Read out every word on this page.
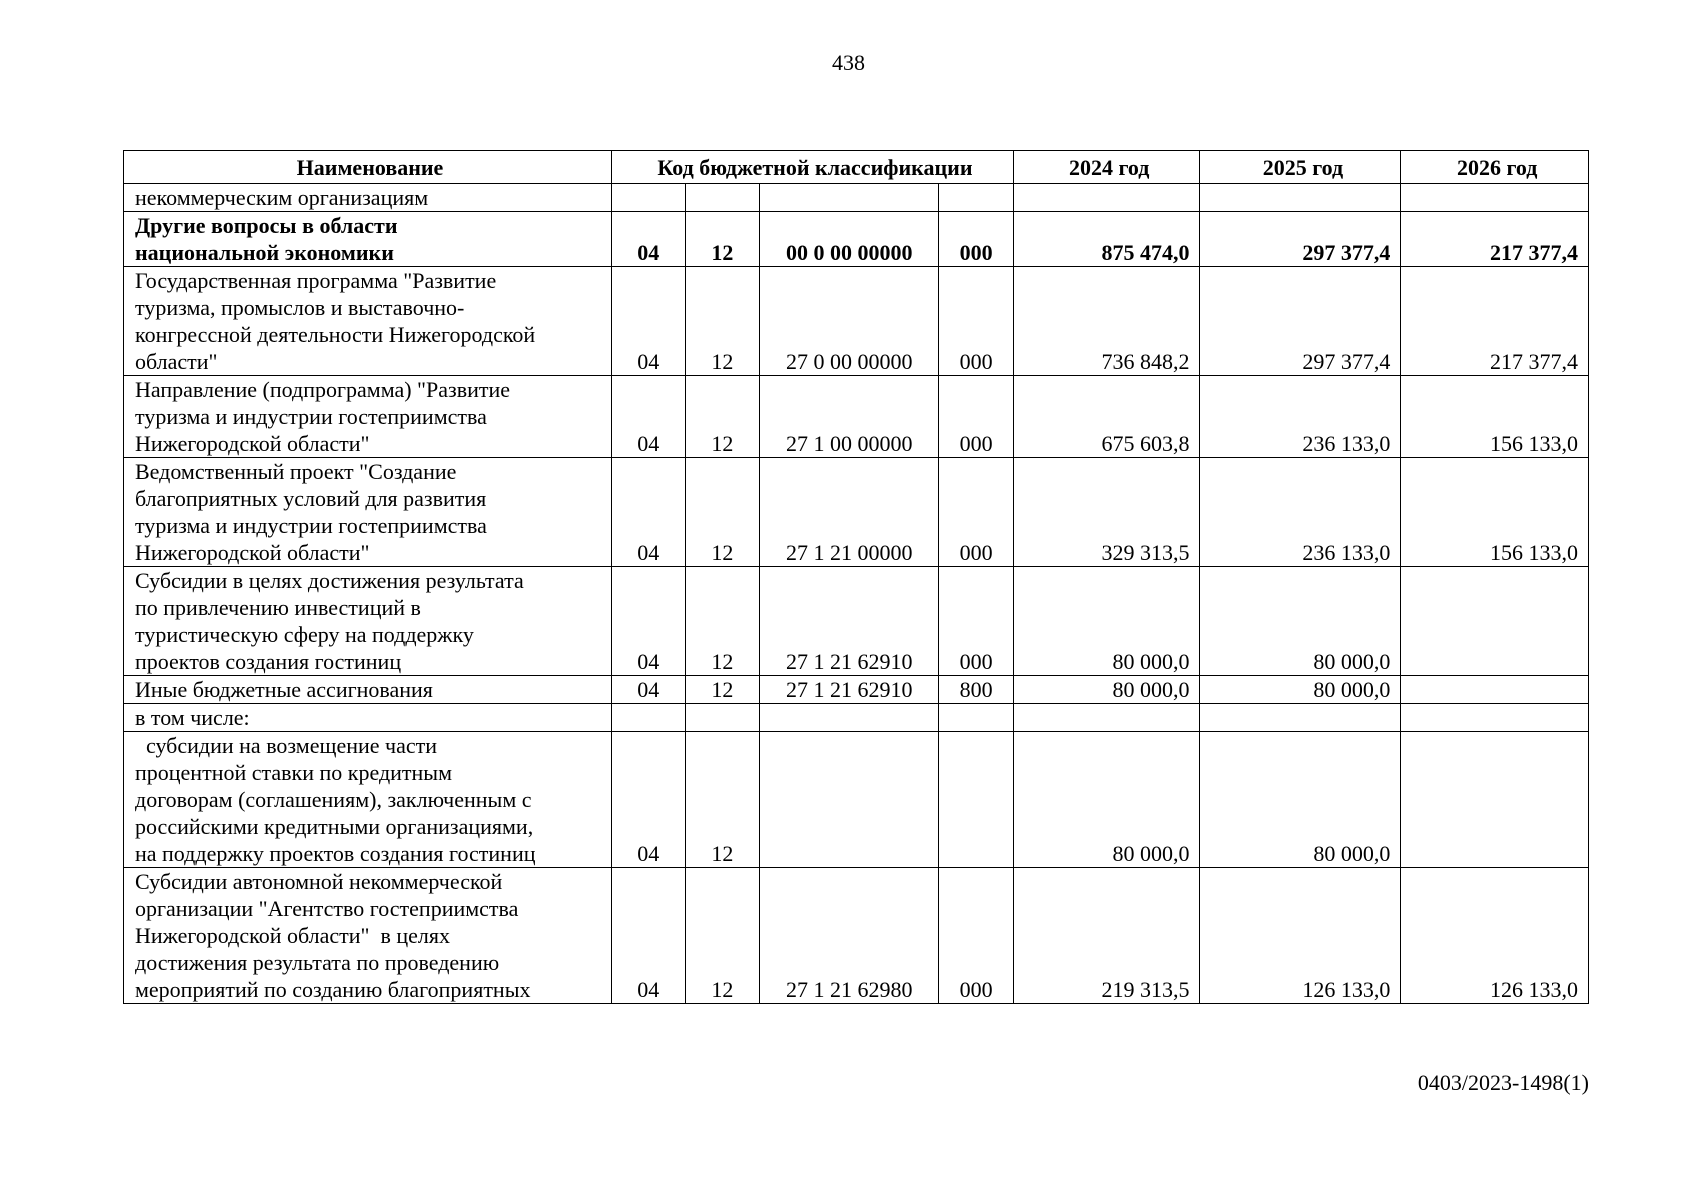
438
Наименование	Код бюджетной классификации				2024 год	2025 год	2026 год

некоммерческим организациям							

Другие вопросы в области
национальной экономики	04	12	00 0 00 00000	000	875 474,0	297 377,4	217 377,4

Государственная программа "Развитие
туризма, промыслов и выставочно-
конгрессной деятельности Нижегородской
области"	04	12	27 0 00 00000	000	736 848,2	297 377,4	217 377,4

Направление (подпрограмма) "Развитие
туризма и индустрии гостеприимства
Нижегородской области"	04	12	27 1 00 00000	000	675 603,8	236 133,0	156 133,0

Ведомственный проект "Создание
благоприятных условий для развития
туризма и индустрии гостеприимства
Нижегородской области"	04	12	27 1 21 00000	000	329 313,5	236 133,0	156 133,0

Субсидии в целях достижения результата
по привлечению инвестиций в
туристическую сферу на поддержку
проектов создания гостиниц	04	12	27 1 21 62910	000	80 000,0	80 000,0	

Иные бюджетные ассигнования	04	12	27 1 21 62910	800	80 000,0	80 000,0	

в том числе:							

субсидии на возмещение части
процентной ставки по кредитным
договорам (соглашениям), заключенным с
российскими кредитными организациями,
на поддержку проектов создания гостиниц	04	12			80 000,0	80 000,0	

Субсидии автономной некоммерческой
организации "Агентство гостеприимства
Нижегородской области"  в целях
достижения результата по проведению
мероприятий по созданию благоприятных	04	12	27 1 21 62980	000	219 313,5	126 133,0	126 133,0
0403/2023-1498(1)
